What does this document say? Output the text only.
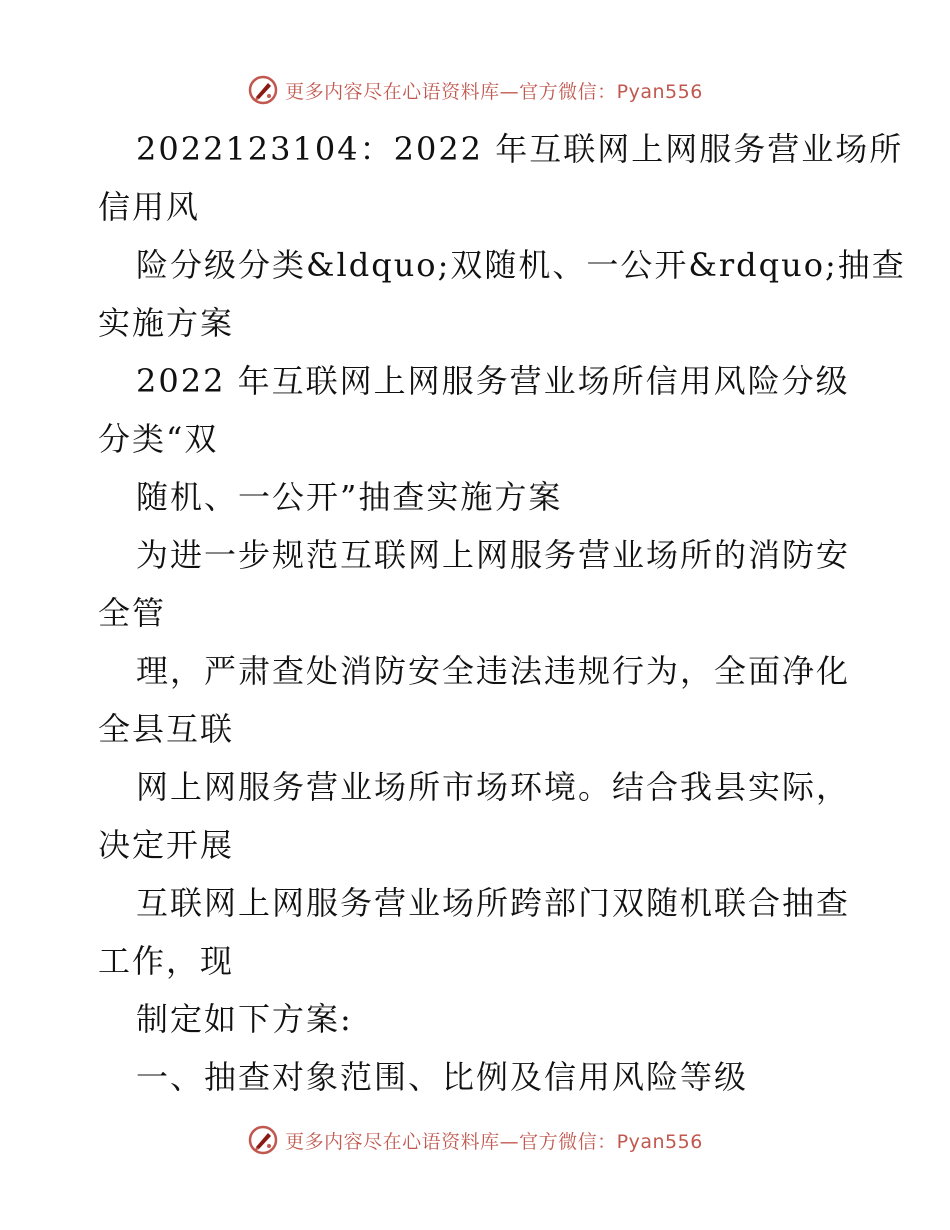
更多内容尽在心语资料库—官方微信：Pyan556
2022123104：2022 年互联网上网服务营业场所
信用风
险分级分类&ldquo;双随机、一公开&rdquo;抽查
实施方案
2022 年互联网上网服务营业场所信用风险分级
分类“双
随机、一公开”抽查实施方案
为进一步规范互联网上网服务营业场所的消防安
全管
理，严肃查处消防安全违法违规行为，全面净化
全县互联
网上网服务营业场所市场环境。结合我县实际，
决定开展
互联网上网服务营业场所跨部门双随机联合抽查
工作，现
制定如下方案:
一、抽查对象范围、比例及信用风险等级
更多内容尽在心语资料库—官方微信：Pyan556
